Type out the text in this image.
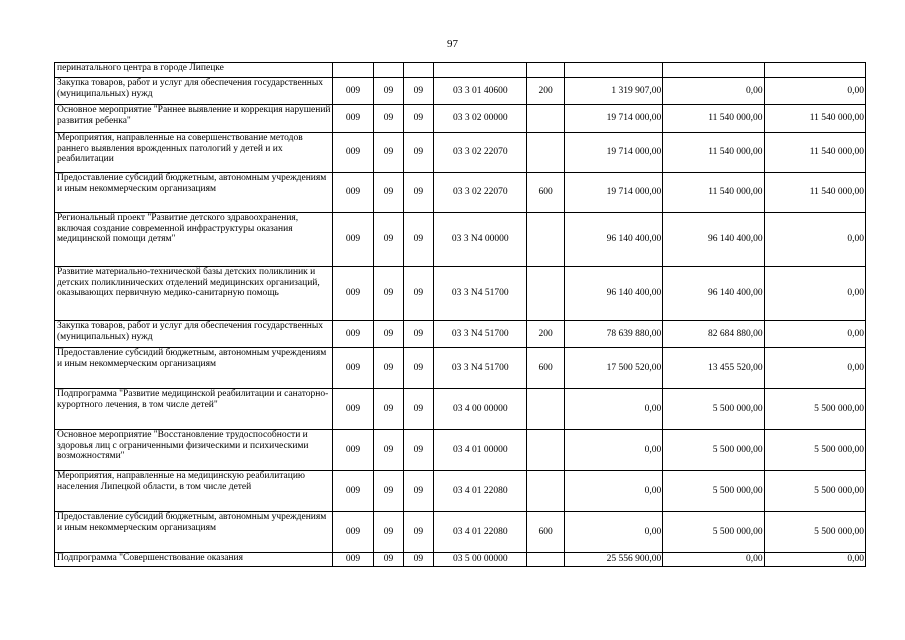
97
перинатального центра в городе Липецке								
Закупка товаров, работ и услуг для обеспечения государственных (муниципальных) нужд	009	09	09	03 3 01 40600	200	1 319 907,00	0,00	0,00
Основное мероприятие "Раннее выявление и коррекция нарушений развития ребенка"	009	09	09	03 3 02 00000		19 714 000,00	11 540 000,00	11 540 000,00
Мероприятия, направленные на совершенствование методов раннего выявления врожденных патологий у детей и их реабилитации	009	09	09	03 3 02 22070		19 714 000,00	11 540 000,00	11 540 000,00
Предоставление субсидий бюджетным, автономным учреждениям и иным некоммерческим организациям	009	09	09	03 3 02 22070	600	19 714 000,00	11 540 000,00	11 540 000,00
Региональный проект "Развитие детского здравоохранения, включая создание современной инфраструктуры оказания медицинской помощи детям"	009	09	09	03 3 N4 00000		96 140 400,00	96 140 400,00	0,00
Развитие материально-технической базы детских поликлиник и детских поликлинических отделений медицинских организаций, оказывающих первичную медико-санитарную помощь	009	09	09	03 3 N4 51700		96 140 400,00	96 140 400,00	0,00
Закупка товаров, работ и услуг для обеспечения государственных (муниципальных) нужд	009	09	09	03 3 N4 51700	200	78 639 880,00	82 684 880,00	0,00
Предоставление субсидий бюджетным, автономным учреждениям и иным некоммерческим организациям	009	09	09	03 3 N4 51700	600	17 500 520,00	13 455 520,00	0,00
Подпрограмма "Развитие медицинской реабилитации и санаторно-курортного лечения, в том числе детей"	009	09	09	03 4 00 00000		0,00	5 500 000,00	5 500 000,00
Основное мероприятие "Восстановление трудоспособности и здоровья лиц с ограниченными физическими и психическими возможностями"	009	09	09	03 4 01 00000		0,00	5 500 000,00	5 500 000,00
Мероприятия, направленные на медицинскую реабилитацию населения Липецкой области, в том числе детей	009	09	09	03 4 01 22080		0,00	5 500 000,00	5 500 000,00
Предоставление субсидий бюджетным, автономным учреждениям и иным некоммерческим организациям	009	09	09	03 4 01 22080	600	0,00	5 500 000,00	5 500 000,00
Подпрограмма "Совершенствование оказания	009	09	09	03 5 00 00000		25 556 900,00	0,00	0,00
